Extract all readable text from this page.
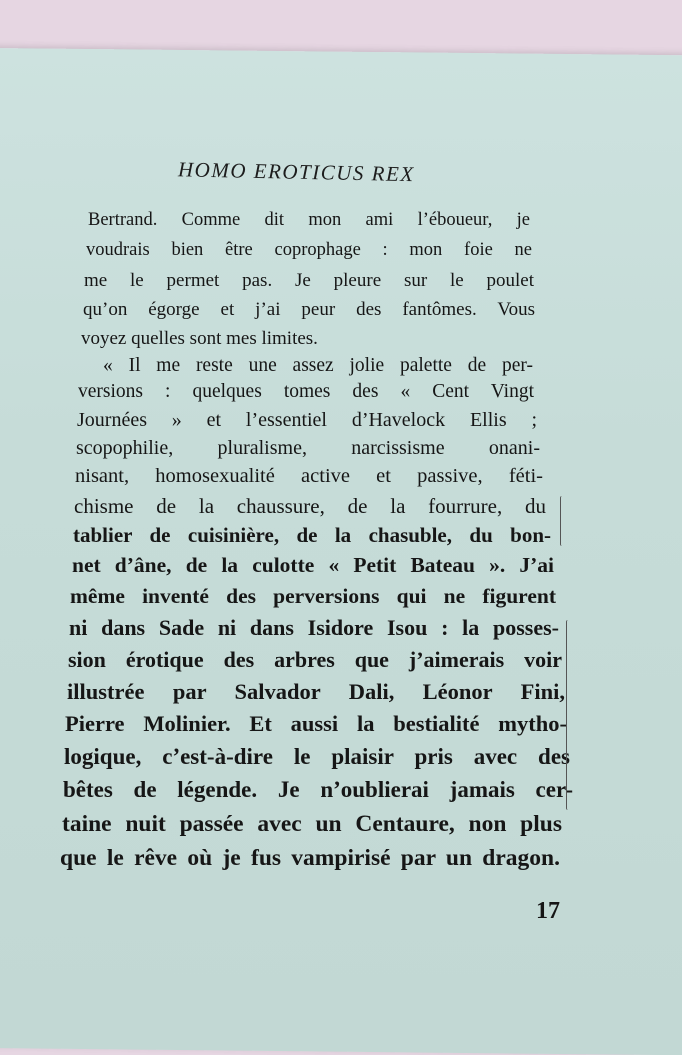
HOMO EROTICUS REX
Bertrand. Comme dit mon ami l’éboueur, je
voudrais bien être coprophage : mon foie ne
me le permet pas. Je pleure sur le poulet
qu’on égorge et j’ai peur des fantômes. Vous
voyez quelles sont mes limites.
« Il me reste une assez jolie palette de per-
versions : quelques tomes des « Cent Vingt
Journées » et l’essentiel d’Havelock Ellis ;
scopophilie, pluralisme, narcissisme onani-
nisant, homosexualité active et passive, féti-
chisme de la chaussure, de la fourrure, du
tablier de cuisinière, de la chasuble, du bon-
net d’âne, de la culotte « Petit Bateau ». J’ai
même inventé des perversions qui ne figurent
ni dans Sade ni dans Isidore Isou : la posses-
sion érotique des arbres que j’aimerais voir
illustrée par Salvador Dali, Léonor Fini,
Pierre Molinier. Et aussi la bestialité mytho-
logique, c’est-à-dire le plaisir pris avec des
bêtes de légende. Je n’oublierai jamais cer-
taine nuit passée avec un Centaure, non plus
que le rêve où je fus vampirisé par un dragon.
17
